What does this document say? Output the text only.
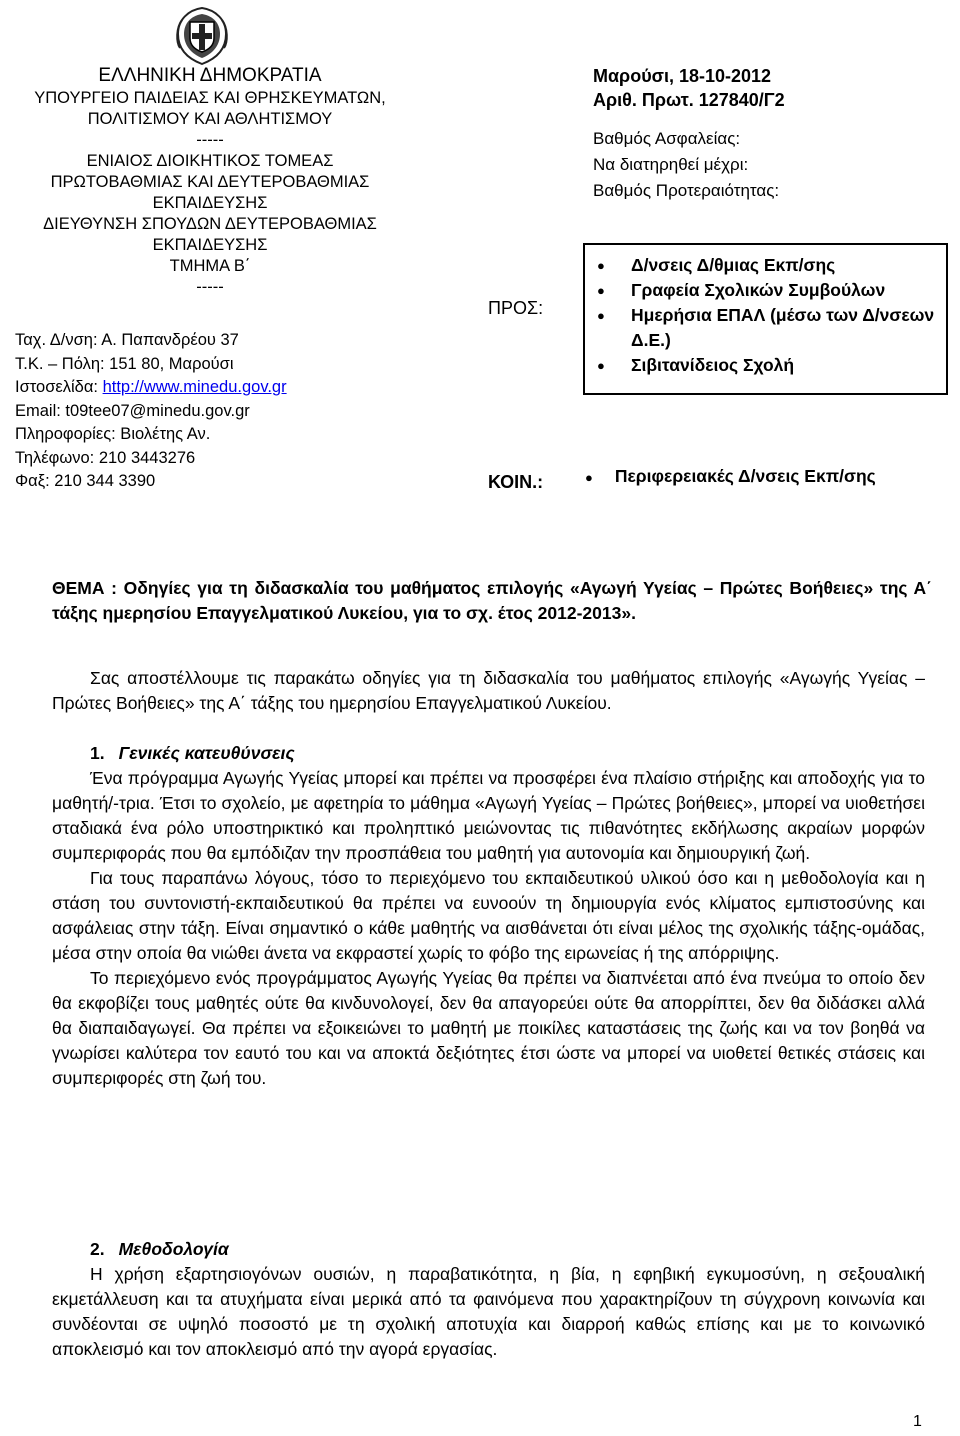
ΕΛΛΗΝΙΚΗ ΔΗΜΟΚΡΑΤΙΑ
ΥΠΟΥΡΓΕΙΟ ΠΑΙΔΕΙΑΣ ΚΑΙ ΘΡΗΣΚΕΥΜΑΤΩΝ,
ΠΟΛΙΤΙΣΜΟΥ ΚΑΙ ΑΘΛΗΤΙΣΜΟΥ
-----
ΕΝΙΑΙΟΣ ΔΙΟΙΚΗΤΙΚΟΣ ΤΟΜΕΑΣ
ΠΡΩΤΟΒΑΘΜΙΑΣ ΚΑΙ ΔΕΥΤΕΡΟΒΑΘΜΙΑΣ
ΕΚΠΑΙΔΕΥΣΗΣ
ΔΙΕΥΘΥΝΣΗ ΣΠΟΥΔΩΝ ΔΕΥΤΕΡΟΒΑΘΜΙΑΣ
ΕΚΠΑΙΔΕΥΣΗΣ
ΤΜΗΜΑ Β΄
-----
Ταχ. Δ/νση: Α. Παπανδρέου 37
Τ.Κ. – Πόλη: 151 80, Μαρούσι
Ιστοσελίδα: http://www.minedu.gov.gr
Email: t09tee07@minedu.gov.gr
Πληροφορίες: Βιολέτης Αν.
Τηλέφωνο: 210 3443276
Φαξ: 210 344 3390
Μαρούσι, 18-10-2012
Αριθ. Πρωτ. 127840/Γ2
Βαθμός Ασφαλείας:
Να διατηρηθεί μέχρι:
Βαθμός Προτεραιότητας:
ΠΡΟΣ:
ΚΟΙΝ.:
● Δ/νσεις Δ/θμιας Εκπ/σης
● Γραφεία Σχολικών Συμβούλων
● Ημερήσια ΕΠΑΛ (μέσω των Δ/νσεων Δ.Ε.)
● Σιβιτανίδειος Σχολή
● Περιφερειακές Δ/νσεις Εκπ/σης
ΘΕΜΑ : Οδηγίες για τη διδασκαλία του μαθήματος επιλογής «Αγωγή Υγείας – Πρώτες Βοήθειες» της Α΄ τάξης ημερησίου Επαγγελματικού Λυκείου, για το σχ. έτος 2012-2013».

Σας αποστέλλουμε τις παρακάτω οδηγίες για τη διδασκαλία του μαθήματος επιλογής «Αγωγής Υγείας – Πρώτες Βοήθειες» της Α΄ τάξης του ημερησίου Επαγγελματικού Λυκείου.

1. Γενικές κατευθύνσεις

Ένα πρόγραμμα Αγωγής Υγείας μπορεί και πρέπει να προσφέρει ένα πλαίσιο στήριξης και αποδοχής για το μαθητή/-τρια. Έτσι το σχολείο, με αφετηρία το μάθημα «Αγωγή Υγείας – Πρώτες βοήθειες», μπορεί να υιοθετήσει σταδιακά ένα ρόλο υποστηρικτικό και προληπτικό μειώνοντας τις πιθανότητες εκδήλωσης ακραίων μορφών συμπεριφοράς που θα εμπόδιζαν την προσπάθεια του μαθητή για αυτονομία και δημιουργική ζωή.

Για τους παραπάνω λόγους, τόσο το περιεχόμενο του εκπαιδευτικού υλικού όσο και η μεθοδολογία και η στάση του συντονιστή-εκπαιδευτικού θα πρέπει να ευνοούν τη δημιουργία ενός κλίματος εμπιστοσύνης και ασφάλειας στην τάξη. Είναι σημαντικό ο κάθε μαθητής να αισθάνεται ότι είναι μέλος της σχολικής τάξης-ομάδας, μέσα στην οποία θα νιώθει άνετα να εκφραστεί χωρίς το φόβο της ειρωνείας ή της απόρριψης.

Το περιεχόμενο ενός προγράμματος Αγωγής Υγείας θα πρέπει να διαπνέεται από ένα πνεύμα το οποίο δεν θα εκφοβίζει τους μαθητές ούτε θα κινδυνολογεί, δεν θα απαγορεύει ούτε θα απορρίπτει, δεν θα διδάσκει αλλά θα διαπαιδαγωγεί. Θα πρέπει να εξοικειώνει το μαθητή με ποικίλες καταστάσεις της ζωής και να τον βοηθά να γνωρίσει καλύτερα τον εαυτό του και να αποκτά δεξιότητες έτσι ώστε να μπορεί να υιοθετεί θετικές στάσεις και συμπεριφορές στη ζωή του.

2. Μεθοδολογία

Η χρήση εξαρτησιογόνων ουσιών, η παραβατικότητα, η βία, η εφηβική εγκυμοσύνη, η σεξουαλική εκμετάλλευση και τα ατυχήματα είναι μερικά από τα φαινόμενα που χαρακτηρίζουν τη σύγχρονη κοινωνία και συνδέονται σε υψηλό ποσοστό με τη σχολική αποτυχία και διαρροή καθώς επίσης και με το κοινωνικό αποκλεισμό και τον αποκλεισμό από την αγορά εργασίας.

1
